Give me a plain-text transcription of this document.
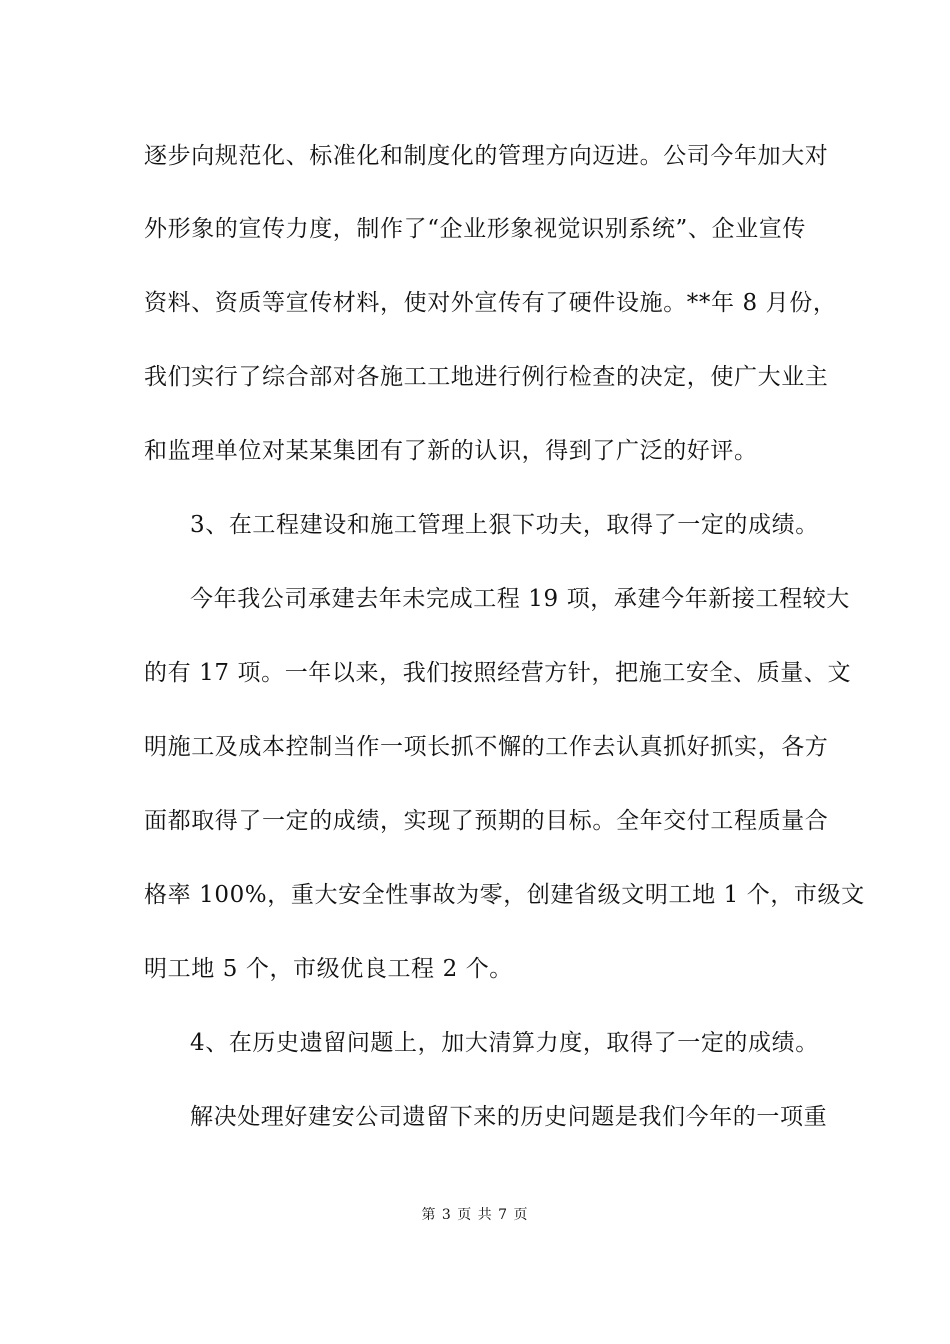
逐步向规范化、标准化和制度化的管理方向迈进。公司今年加大对
外形象的宣传力度，制作了“企业形象视觉识别系统”、企业宣传
资料、资质等宣传材料，使对外宣传有了硬件设施。**年 8 月份，
我们实行了综合部对各施工工地进行例行检查的决定，使广大业主
和监理单位对某某集团有了新的认识，得到了广泛的好评。
3、在工程建设和施工管理上狠下功夫，取得了一定的成绩。
今年我公司承建去年未完成工程 19 项，承建今年新接工程较大
的有 17 项。一年以来，我们按照经营方针，把施工安全、质量、文
明施工及成本控制当作一项长抓不懈的工作去认真抓好抓实，各方
面都取得了一定的成绩，实现了预期的目标。全年交付工程质量合
格率 100%，重大安全性事故为零，创建省级文明工地 1 个，市级文
明工地 5 个，市级优良工程 2 个。
4、在历史遗留问题上，加大清算力度，取得了一定的成绩。
解决处理好建安公司遗留下来的历史问题是我们今年的一项重
第 3 页 共 7 页
